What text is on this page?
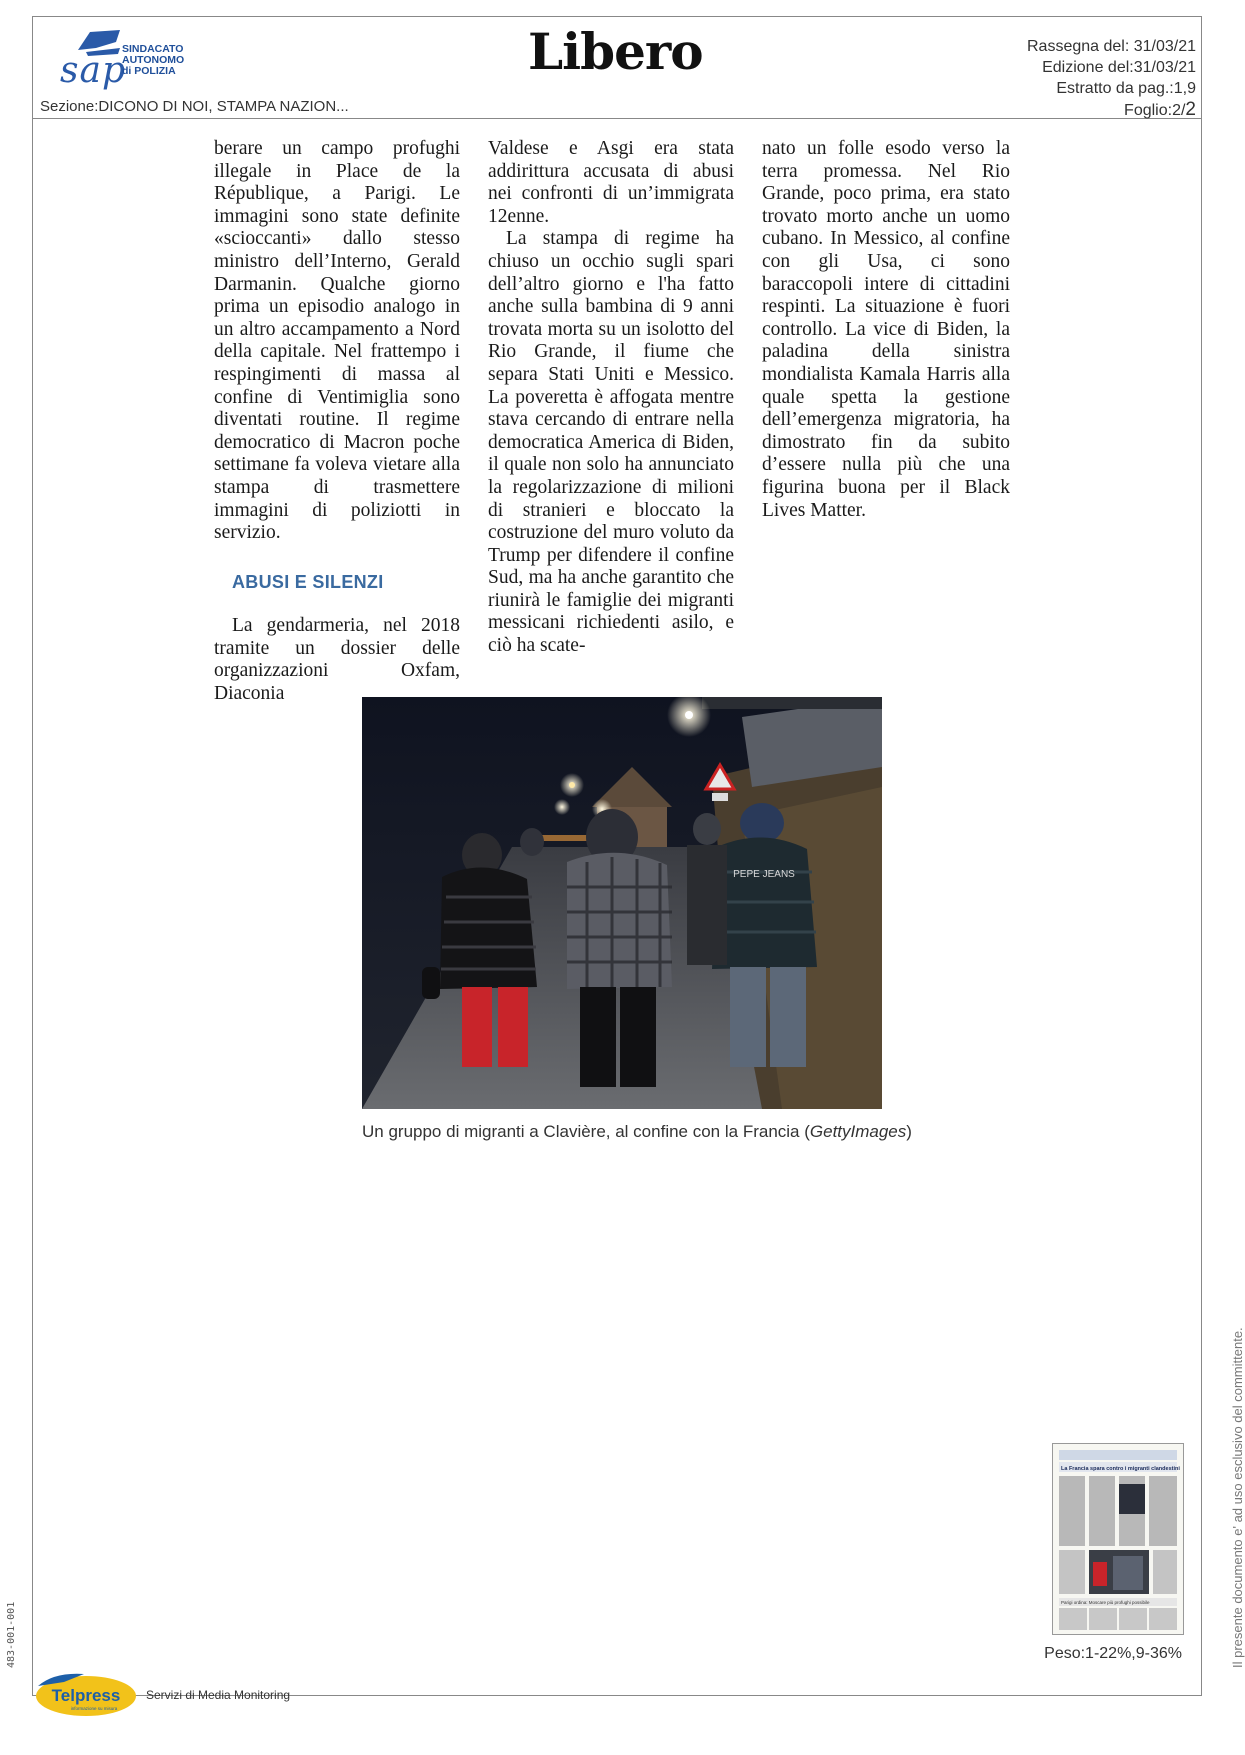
sap
SINDACATO
AUTONOMO
di POLIZIA	Libero	Rassegna del: 31/03/21
Edizione del:31/03/21
Estratto da pag.:1,9
Foglio:2/2
Sezione:DICONO DI NOI, STAMPA NAZION...

berare un campo profughi illegale in Place de la République, a Parigi. Le immagini sono state definite «scioccanti» dallo stesso ministro dell’Interno, Gerald Darmanin. Qualche giorno prima un episodio analogo in un altro accampamento a Nord della capitale. Nel frattempo i respingimenti di massa al confine di Ventimiglia sono diventati routine. Il regime democratico di Macron poche settimane fa voleva vietare alla stampa di trasmettere immagini di poliziotti in servizio.

ABUSI E SILENZI

La gendarmeria, nel 2018 tramite un dossier delle organizzazioni Oxfam, Diaconia

Valdese e Asgi era stata addirittura accusata di abusi nei confronti di un’immigrata 12enne.

La stampa di regime ha chiuso un occhio sugli spari dell’altro giorno e l'ha fatto anche sulla bambina di 9 anni trovata morta su un isolotto del Rio Grande, il fiume che separa Stati Uniti e Messico. La poveretta è affogata mentre stava cercando di entrare nella democratica America di Biden, il quale non solo ha annunciato la regolarizzazione di milioni di stranieri e bloccato la costruzione del muro voluto da Trump per difendere il confine Sud, ma ha anche garantito che riunirà le famiglie dei migranti messicani richiedenti asilo, e ciò ha scate-

nato un folle esodo verso la terra promessa. Nel Rio Grande, poco prima, era stato trovato morto anche un uomo cubano. In Messico, al confine con gli Usa, ci sono baraccopoli intere di cittadini respinti. La situazione è fuori controllo. La vice di Biden, la paladina della sinistra mondialista Kamala Harris alla quale spetta la gestione dell’emergenza migratoria, ha dimostrato fin da subito d’essere nulla più che una figurina buona per il Black Lives Matter.

PEPE JEANS
Un gruppo di migranti a Clavière, al confine con la Francia (GettyImages)
Il presente documento e' ad uso esclusivo del committente.
483-001-001
La Francia spara contro i migranti clandestini
Parigi ordina: Moscare più profughi possibile
Peso:1-22%,9-36%
Telpress
informazione su misura
Servizi di Media Monitoring
